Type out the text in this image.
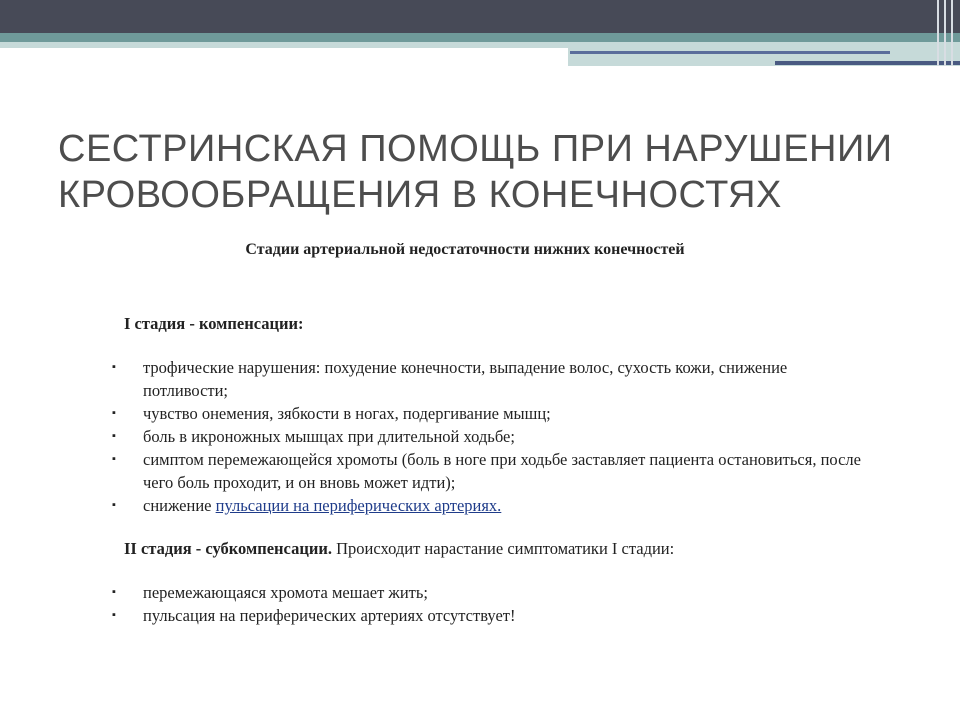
СЕСТРИНСКАЯ ПОМОЩЬ ПРИ НАРУШЕНИИ КРОВООБРАЩЕНИЯ В КОНЕЧНОСТЯХ
Стадии артериальной недостаточности нижних конечностей

I стадия - компенсации:

▪ трофические нарушения: похудение конечности, выпадение волос, сухость кожи, снижение потливости;
▪ чувство онемения, зябкости в ногах, подергивание мышц;
▪ боль в икроножных мышцах при длительной ходьбе;
▪ симптом перемежающейся хромоты (боль в ноге при ходьбе заставляет пациента остановиться, после чего боль проходит, и он вновь может идти);
▪ снижение пульсации на периферических артериях.

II стадия - субкомпенсации. Происходит нарастание симптоматики I стадии:

▪ перемежающаяся хромота мешает жить;
▪ пульсация на периферических артериях отсутствует!
